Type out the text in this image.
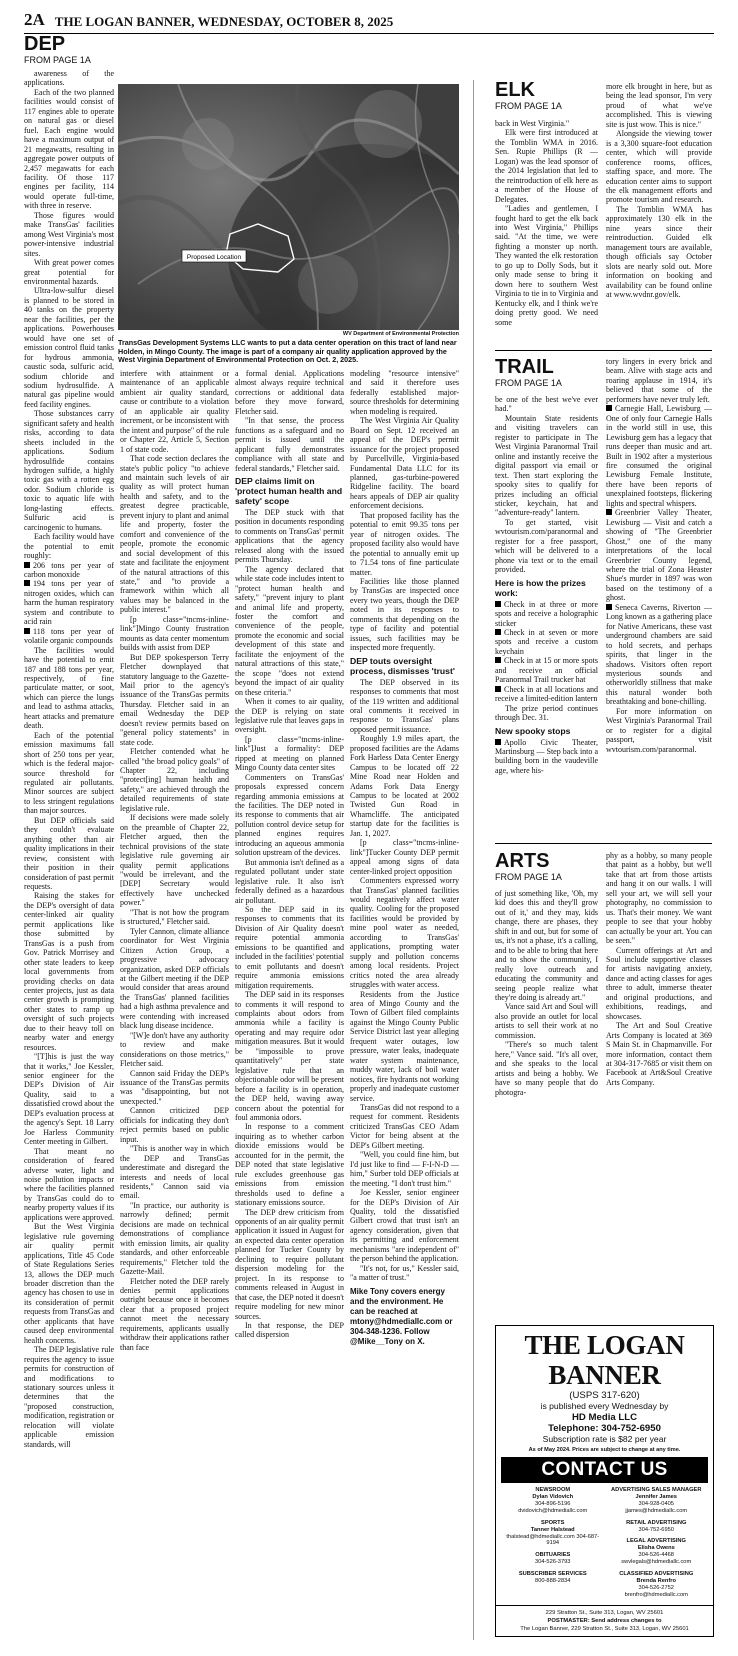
2A THE LOGAN BANNER, WEDNESDAY, OCTOBER 8, 2025
DEP
FROM PAGE 1A
Proposed Location
WV Department of Environmental Protection
TransGas Development Systems LLC wants to put a data center operation on this tract of land near Holden, in Mingo County. The image is part of a company air quality application approved by the West Virginia Department of Environmental Protection on Oct. 2, 2025.

awareness of the applications.

Each of the two planned facilities would consist of 117 engines able to operate on natural gas or diesel fuel. Each engine would have a maximum output of 21 megawatts, resulting in aggregate power outputs of 2,457 megawatts for each facility. Of those 117 engines per facility, 114 would operate full-time, with three in reserve.

Those figures would make TransGas' facilities among West Virginia's most power-intensive industrial sites.

With great power comes great potential for environmental hazards.

Ultra-low-sulfur diesel is planned to be stored in 40 tanks on the property near the facilities, per the applications. Powerhouses would have one set of emission control fluid tanks for hydrous ammonia, caustic soda, sulfuric acid, sodium chloride and sodium hydrosulfide. A natural gas pipeline would feed facility engines.

Those substances carry significant safety and health risks, according to data sheets included in the applications. Sodium hydrosulfide contains hydrogen sulfide, a highly toxic gas with a rotten egg odor. Sodium chloride is toxic to aquatic life with long-lasting effects. Sulfuric acid is carcinogenic to humans.

Each facility would have the potential to emit roughly:

206 tons per year of carbon monoxide

194 tons per year of nitrogen oxides, which can harm the human respiratory system and contribute to acid rain

118 tons per year of volatile organic compounds

The facilities would have the potential to emit 187 and 188 tons per year, respectively, of fine particulate matter, or soot, which can pierce the lungs and lead to asthma attacks, heart attacks and premature death.

Each of the potential emission maximums fall short of 250 tons per year, which is the federal major-source threshold for regulated air pollutants. Minor sources are subject to less stringent regulations than major sources.

But DEP officials said they couldn't evaluate anything other than air quality implications in their review, consistent with their position in their consideration of past permit requests.

Raising the stakes for the DEP's oversight of data center-linked air quality permit applications like those submitted by TransGas is a push from Gov. Patrick Morrisey and other state leaders to keep local governments from providing checks on data center projects, just as data center growth is prompting other states to ramp up oversight of such projects due to their heavy toll on nearby water and energy resources.

"[T]his is just the way that it works," Joe Kessler, senior engineer for the DEP's Division of Air Quality, said to a dissatisfied crowd about the DEP's evaluation process at the agency's Sept. 18 Larry Joe Harless Community Center meeting in Gilbert.

That meant no consideration of feared adverse water, light and noise pollution impacts or where the facilities planned by TransGas could do to nearby property values if its applications were approved.

But the West Virginia legislative rule governing air quality permit applications, Title 45 Code of State Regulations Series 13, allows the DEP much broader discretion than the agency has chosen to use in its consideration of permit requests from TransGas and other applicants that have caused deep environmental health concerns.

The DEP legislative rule requires the agency to issue permits for construction of and modifications to stationary sources unless it determines that the "proposed construction, modification, registration or relocation will violate applicable emission standards, will

interfere with attainment or maintenance of an applicable ambient air quality standard, cause or contribute to a violation of an applicable air quality increment, or be inconsistent with the intent and purpose" of the rule or Chapter 22, Article 5, Section 1 of state code.

That code section declares the state's public policy "to achieve and maintain such levels of air quality as will protect human health and safety, and to the greatest degree practicable, prevent injury to plant and animal life and property, foster the comfort and convenience of the people, promote the economic and social development of this state and facilitate the enjoyment of the natural attractions of this state," and "to provide a framework within which all values may be balanced in the public interest."

[p class="tncms-inline-link"]Mingo County frustration mounts as data center momentum builds with assist from DEP

But DEP spokesperson Terry Fletcher downplayed that statutory language to the Gazette-Mail prior to the agency's issuance of the TransGas permits Thursday. Fletcher said in an email Wednesday the DEP doesn't review permits based on "general policy statements" in state code.

Fletcher contended what he called "the broad policy goals" of Chapter 22, including "protect[ing] human health and safety," are achieved through the detailed requirements of state legislative rule.

If decisions were made solely on the preamble of Chapter 22, Fletcher argued, then the technical provisions of the state legislative rule governing air quality permit applications "would be irrelevant, and the [DEP] Secretary would effectively have unchecked power."

"That is not how the program is structured," Fletcher said.

Tyler Cannon, climate alliance coordinator for West Virginia Citizen Action Group, a progressive advocacy organization, asked DEP officials at the Gilbert meeting if the DEP would consider that areas around the TransGas' planned facilities had a high asthma prevalence and were contending with increased black lung disease incidence.

"[W]e don't have any authority to review and make considerations on those metrics," Fletcher said.

Cannon said Friday the DEP's issuance of the TransGas permits was "disappointing, but not unexpected."

Cannon criticized DEP officials for indicating they don't reject permits based on public input.

"This is another way in which the DEP and TransGas underestimate and disregard the interests and needs of local residents," Cannon said via email.

"In practice, our authority is narrowly defined; permit decisions are made on technical demonstrations of compliance with emission limits, air quality standards, and other enforceable requirements," Fletcher told the Gazette-Mail.

Fletcher noted the DEP rarely denies permit applications outright because once it becomes clear that a proposed project cannot meet the necessary requirements, applicants usually withdraw their applications rather than face

a formal denial. Applications almost always require technical corrections or additional data before they move forward, Fletcher said.

"In that sense, the process functions as a safeguard and no permit is issued until the applicant fully demonstrates compliance with all state and federal standards," Fletcher said.

DEP claims limit on 'protect human health and safety' scope

The DEP stuck with that position in documents responding to comments on TransGas' permit applications that the agency released along with the issued permits Thursday.

The agency declared that while state code includes intent to "protect human health and safety," "prevent injury to plant and animal life and property, foster the comfort and convenience of the people, promote the economic and social development of this state and facilitate the enjoyment of the natural attractions of this state," the scope "does not extend beyond the impact of air quality on these criteria."

When it comes to air quality, the DEP is relying on state legislative rule that leaves gaps in oversight.

[p class="tncms-inline-link"]Just a formality': DEP ripped at meeting on planned Mingo County data center sites

Commenters on TransGas' proposals expressed concern regarding ammonia emissions at the facilities. The DEP noted in its response to comments that air pollution control device setup for planned engines requires introducing an aqueous ammonia solution upstream of the devices.

But ammonia isn't defined as a regulated pollutant under state legislative rule. It also isn't federally defined as a hazardous air pollutant.

So the DEP said in its responses to comments that its Division of Air Quality doesn't require potential ammonia emissions to be quantified and included in the facilities' potential to emit pollutants and doesn't require ammonia emissions mitigation requirements.

The DEP said in its responses to comments it will respond to complaints about odors from ammonia while a facility is operating and may require odor mitigation measures. But it would be "impossible to prove quantitatively" per state legislative rule that an objectionable odor will be present before a facility is in operation, the DEP held, waving away concern about the potential for foul ammonia odors.

In response to a comment inquiring as to whether carbon dioxide emissions would be accounted for in the permit, the DEP noted that state legislative rule excludes greenhouse gas emissions from emission thresholds used to define a stationary emissions source.

The DEP drew criticism from opponents of an air quality permit application it issued in August for an expected data center operation planned for Tucker County by declining to require pollutant dispersion modeling for the project. In its response to comments released in August in that case, the DEP noted it doesn't require modeling for new minor sources.

In that response, the DEP called dispersion

modeling "resource intensive" and said it therefore uses federally established major-source thresholds for determining when modeling is required.

The West Virginia Air Quality Board on Sept. 12 received an appeal of the DEP's permit issuance for the project proposed by Purcellville, Virginia-based Fundamental Data LLC for its planned, gas-turbine-powered Ridgeline facility. The board hears appeals of DEP air quality enforcement decisions.

That proposed facility has the potential to emit 99.35 tons per year of nitrogen oxides. The proposed facility also would have the potential to annually emit up to 71.54 tons of fine particulate matter.

Facilities like those planned by TransGas are inspected once every two years, though the DEP noted in its responses to comments that depending on the type of facility and potential issues, such facilities may be inspected more frequently.

DEP touts oversight process, dismisses 'trust'

The DEP observed in its responses to comments that most of the 119 written and additional oral comments it received in response to TransGas' plans opposed permit issuance.

Roughly 1.9 miles apart, the proposed facilities are the Adams Fork Harless Data Center Energy Campus to be located off 22 Mine Road near Holden and Adams Fork Data Energy Campus to be located at 2002 Twisted Gun Road in Wharncliffe. The anticipated startup date for the facilities is Jan. 1, 2027.

[p class="tncms-inline-link"]Tucker County DEP permit appeal among signs of data center-linked project opposition

Commenters expressed worry that TransGas' planned facilities would negatively affect water quality. Cooling for the proposed facilities would be provided by mine pool water as needed, according to TransGas' applications, prompting water supply and pollution concerns among local residents. Project critics noted the area already struggles with water access.

Residents from the Justice area of Mingo County and the Town of Gilbert filed complaints against the Mingo County Public Service District last year alleging frequent water outages, low pressure, water leaks, inadequate water system maintenance, muddy water, lack of boil water notices, fire hydrants not working properly and inadequate customer service.

TransGas did not respond to a request for comment. Residents criticized TransGas CEO Adam Victor for being absent at the DEP's Gilbert meeting.

"Well, you could fine him, but I'd just like to find — F-I-N-D — him," Surber told DEP officials at the meeting. "I don't trust him."

Joe Kessler, senior engineer for the DEP's Division of Air Quality, told the dissatisfied Gilbert crowd that trust isn't an agency consideration, given that its permitting and enforcement mechanisms "are independent of" the person behind the application.

"It's not, for us," Kessler said, "a matter of trust."

Mike Tony covers energy and the environment. He can be reached at mtony@hdmediallc.com or 304-348-1236. Follow @Mike__Tony on X.

ELK
FROM PAGE 1A

back in West Virginia."

Elk were first introduced at the Tomblin WMA in 2016. Sen. Rupie Phillips (R — Logan) was the lead sponsor of the 2014 legislation that led to the reintroduction of elk here as a member of the House of Delegates.

"Ladies and gentlemen, I fought hard to get the elk back into West Virginia," Phillips said. "At the time, we were fighting a monster up north. They wanted the elk restoration to go up to Dolly Sods, but it only made sense to bring it down here to southern West Virginia to tie in to Virginia and Kentucky elk, and I think we're doing pretty good. We need some

more elk brought in here, but as being the lead sponsor, I'm very proud of what we've accomplished. This is viewing site is just wow. This is nice."

Alongside the viewing tower is a 3,300 square-foot education center, which will provide conference rooms, offices, staffing space, and more. The education center aims to support the elk management efforts and promote tourism and research.

The Tomblin WMA has approximately 130 elk in the nine years since their reintroduction. Guided elk management tours are available, though officials say October slots are nearly sold out. More information on booking and availability can be found online at www.wvdnr.gov/elk.

TRAIL
FROM PAGE 1A

be one of the best we've ever had."

Mountain State residents and visiting travelers can register to participate in The West Virginia Paranormal Trail online and instantly receive the digital passport via email or text. Then start exploring the spooky sites to qualify for prizes including an official sticker, keychain, hat and "adventure-ready" lantern.

To get started, visit wvtourism.com/paranormal and register for a free passport, which will be delivered to a phone via text or to the email provided.

Here is how the prizes work:

Check in at three or more spots and receive a holographic sticker

Check in at seven or more spots and receive a custom keychain

Check in at 15 or more spots and receive an official Paranormal Trail trucker hat

Check in at all locations and receive a limited-edition lantern

The prize period continues through Dec. 31.

New spooky stops

Apollo Civic Theater, Martinsburg — Step back into a building born in the vaudeville age, where his-

tory lingers in every brick and beam. Alive with stage acts and roaring applause in 1914, it's believed that some of the performers have never truly left.

Carnegie Hall, Lewisburg — One of only four Carnegie Halls in the world still in use, this Lewisburg gem has a legacy that runs deeper than music and art. Built in 1902 after a mysterious fire consumed the original Lewisburg Female Institute, there have been reports of unexplained footsteps, flickering lights and spectral whispers.

Greenbrier Valley Theater, Lewisburg — Visit and catch a showing of "The Greenbrier Ghost," one of the many interpretations of the local Greenbrier County legend, where the trial of Zona Heaster Shue's murder in 1897 was won based on the testimony of a ghost.

Seneca Caverns, Riverton — Long known as a gathering place for Native Americans, these vast underground chambers are said to hold secrets, and perhaps spirits, that linger in the shadows. Visitors often report mysterious sounds and otherworldly stillness that make this natural wonder both breathtaking and bone-chilling.

For more information on West Virginia's Paranormal Trail or to register for a digital passport, visit wvtourism.com/paranormal.

ARTS
FROM PAGE 1A

of just something like, 'Oh, my kid does this and they'll grow out of it,' and they may, kids change, there are phases, they shift in and out, but for some of us, it's not a phase, it's a calling, and to be able to bring that here and to show the community, I really love outreach and educating the community and seeing people realize what they're doing is already art."

Vance said Art and Soul will also provide an outlet for local artists to sell their work at no commission.

"There's so much talent here," Vance said. "It's all over, and she speaks to the local artists and being a hobby. We have so many people that do photogra-

phy as a hobby, so many people that paint as a hobby, but we'll take that art from those artists and hang it on our walls. I will sell your art, we will sell your photography, no commission to us. That's their money. We want people to see that your hobby can actually be your art. You can be seen."

Current offerings at Art and Soul include supportive classes for artists navigating anxiety, dance and acting classes for ages three to adult, immerse theater and original productions, and exhibitions, readings, and showcases.

The Art and Soul Creative Arts Company is located at 369 S Main St. in Chapmanville. For more information, contact them at 304-317-7685 or visit them on Facebook at Art&Soul Creative Arts Company.

THE LOGAN BANNER
(USPS 317-620)
is published every Wednesday by
HD Media LLC
Telephone: 304-752-6950
Subscription rate is $82 per year
As of May 2024. Prices are subject to change at any time.
CONTACT US
NEWSROOM
Dylan Vidovich
304-896-5196
dvidovich@hdmediallc.com
SPORTS
Tanner Halstead
thalstead@hdmediallc.com 304-687-9194
OBITUARIES
304-526-3793
SUBSCRIBER SERVICES
800-888-2834
ADVERTISING SALES MANAGER
Jennifer James
304-928-0405
jjames@hdmediallc.com
RETAIL ADVERTISING
304-752-6950
LEGAL ADVERTISING
Elisha Owens
304-526-4468
swvlegals@hdmediallc.com
CLASSIFIED ADVERTISING
Brenda Renfro
304-526-2752
brenfro@hdmediallc.com
229 Stratton St., Suite 313, Logan, WV 25601
POSTMASTER: Send address changes to
The Logan Banner, 229 Stratton St., Suite 313, Logan, WV 25601
